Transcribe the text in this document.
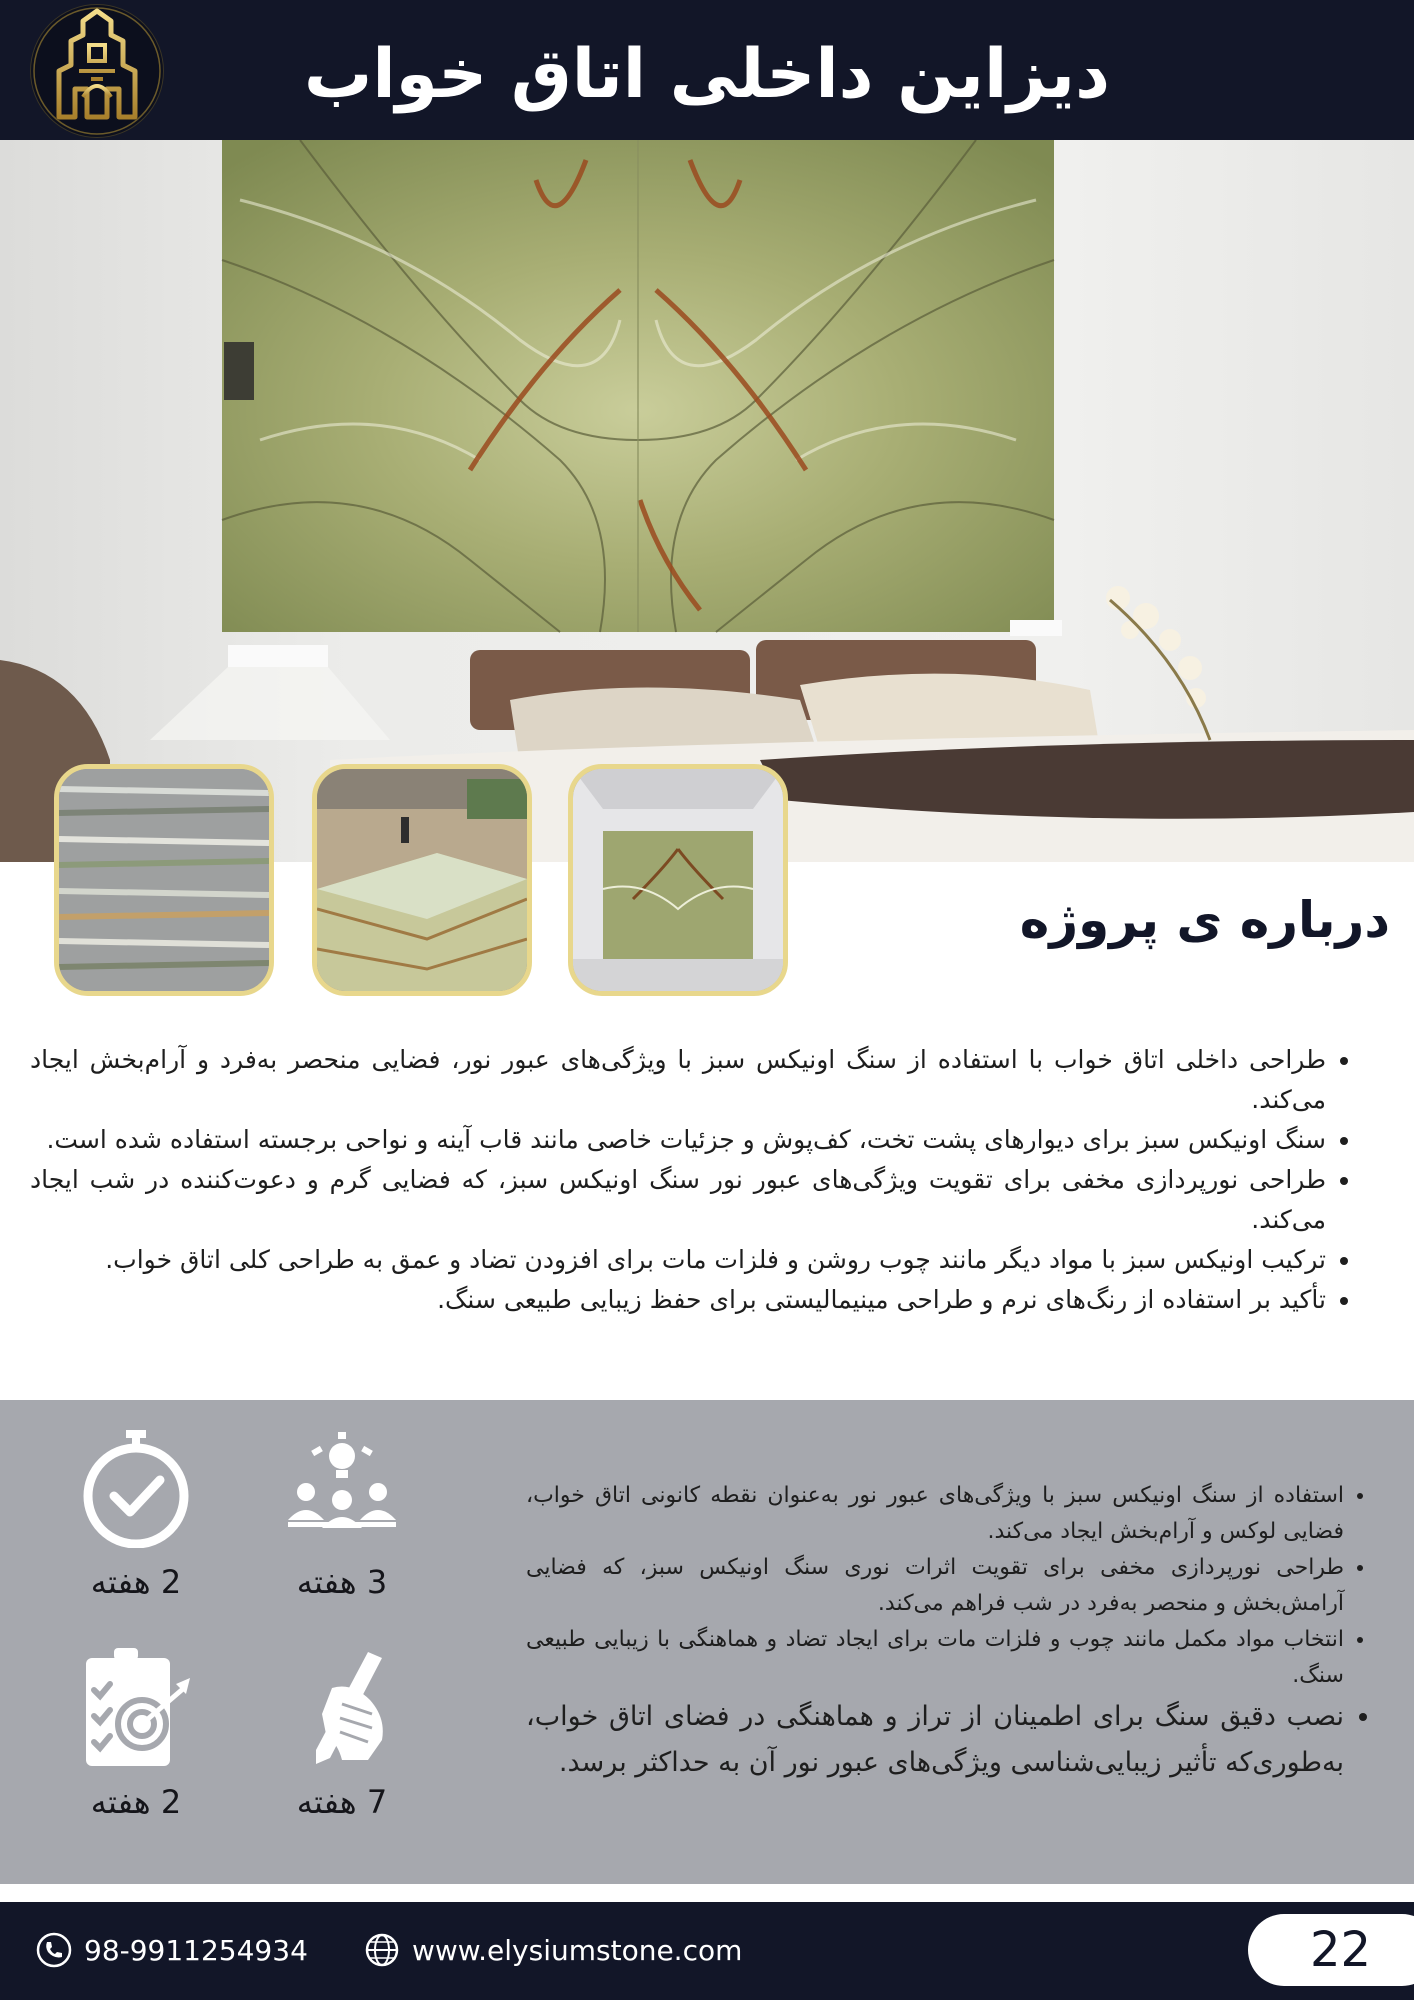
دیزاین داخلی اتاق خواب
درباره ی پروژه
• طراحی داخلی اتاق خواب با استفاده از سنگ اونیکس سبز با ویژگی‌های عبور نور، فضایی منحصر به‌فرد و آرام‌بخش ایجاد می‌کند.
• سنگ اونیکس سبز برای دیوارهای پشت تخت، کف‌پوش و جزئیات خاصی مانند قاب آینه و نواحی برجسته استفاده شده است.
• طراحی نورپردازی مخفی برای تقویت ویژگی‌های عبور نور سنگ اونیکس سبز، که فضایی گرم و دعوت‌کننده در شب ایجاد می‌کند.
• ترکیب اونیکس سبز با مواد دیگر مانند چوب روشن و فلزات مات برای افزودن تضاد و عمق به طراحی کلی اتاق خواب.
• تأکید بر استفاده از رنگ‌های نرم و طراحی مینیمالیستی برای حفظ زیبایی طبیعی سنگ.
2 هفته	3 هفته
2 هفته	7 هفته
• استفاده از سنگ اونیکس سبز با ویژگی‌های عبور نور به‌عنوان نقطه کانونی اتاق خواب، فضایی لوکس و آرام‌بخش ایجاد می‌کند.
• طراحی نورپردازی مخفی برای تقویت اثرات نوری سنگ اونیکس سبز، که فضایی آرامش‌بخش و منحصر به‌فرد در شب فراهم می‌کند.
• انتخاب مواد مکمل مانند چوب و فلزات مات برای ایجاد تضاد و هماهنگی با زیبایی طبیعی سنگ.
• نصب دقیق سنگ برای اطمینان از تراز و هماهنگی در فضای اتاق خواب، به‌طوری‌که تأثیر زیبایی‌شناسی ویژگی‌های عبور نور آن به حداکثر برسد.
98-9911254934	www.elysiumstone.com	22
